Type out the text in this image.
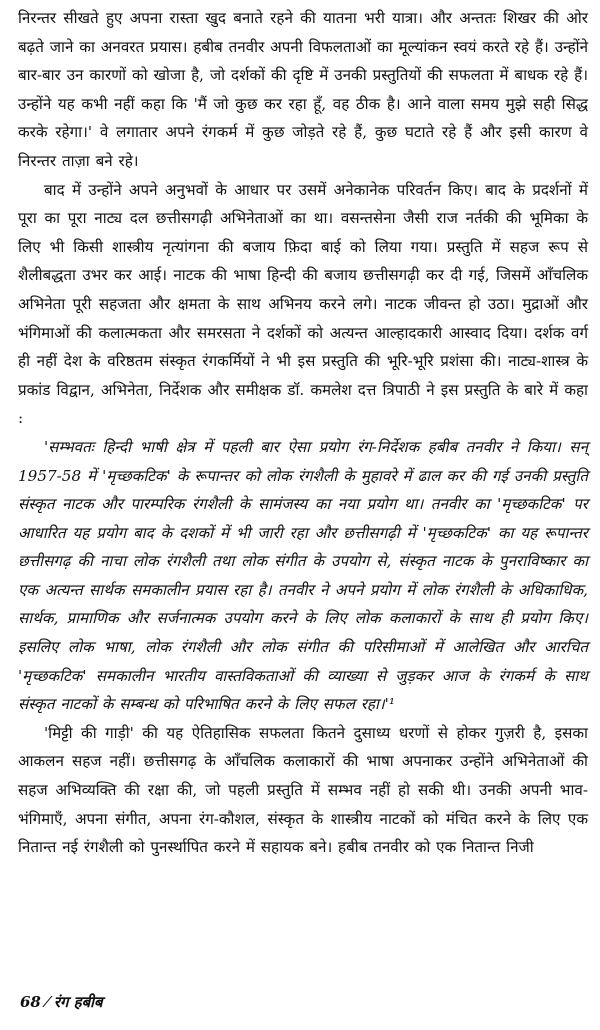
निरन्तर सीखते हुए अपना रास्ता खुद बनाते रहने की यातना भरी यात्रा। और अन्ततः शिखर की ओर बढ़ते जाने का अनवरत प्रयास। हबीब तनवीर अपनी विफलताओं का मूल्यांकन स्वयं करते रहे हैं। उन्होंने बार-बार उन कारणों को खोजा है, जो दर्शकों की दृष्टि में उनकी प्रस्तुतियों की सफलता में बाधक रहे हैं। उन्होंने यह कभी नहीं कहा कि 'मैं जो कुछ कर रहा हूँ, वह ठीक है। आने वाला समय मुझे सही सिद्ध करके रहेगा।' वे लगातार अपने रंगकर्म में कुछ जोड़ते रहे हैं, कुछ घटाते रहे हैं और इसी कारण वे निरन्तर ताज़ा बने रहे।

बाद में उन्होंने अपने अनुभवों के आधार पर उसमें अनेकानेक परिवर्तन किए। बाद के प्रदर्शनों में पूरा का पूरा नाट्य दल छत्तीसगढ़ी अभिनेताओं का था। वसन्तसेना जैसी राज नर्तकी की भूमिका के लिए भी किसी शास्त्रीय नृत्यांगना की बजाय फ़िदा बाई को लिया गया। प्रस्तुति में सहज रूप से शैलीबद्धता उभर कर आई। नाटक की भाषा हिन्दी की बजाय छत्तीसगढ़ी कर दी गई, जिसमें आँचलिक अभिनेता पूरी सहजता और क्षमता के साथ अभिनय करने लगे। नाटक जीवन्त हो उठा। मुद्राओं और भंगिमाओं की कलात्मकता और समरसता ने दर्शकों को अत्यन्त आल्हादकारी आस्वाद दिया। दर्शक वर्ग ही नहीं देश के वरिष्ठतम संस्कृत रंगकर्मियों ने भी इस प्रस्तुति की भूरि-भूरि प्रशंसा की। नाट्य-शास्त्र के प्रकांड विद्वान, अभिनेता, निर्देशक और समीक्षक डॉ. कमलेश दत्त त्रिपाठी ने इस प्रस्तुति के बारे में कहा :

'सम्भवतः हिन्दी भाषी क्षेत्र में पहली बार ऐसा प्रयोग रंग-निर्देशक हबीब तनवीर ने किया। सन् 1957-58 में 'मृच्छकटिक' के रूपान्तर को लोक रंगशैली के मुहावरे में ढाल कर की गई उनकी प्रस्तुति संस्कृत नाटक और पारम्परिक रंगशैली के सामंजस्य का नया प्रयोग था। तनवीर का 'मृच्छकटिक' पर आधारित यह प्रयोग बाद के दशकों में भी जारी रहा और छत्तीसगढ़ी में 'मृच्छकटिक' का यह रूपान्तर छत्तीसगढ़ की नाचा लोक रंगशैली तथा लोक संगीत के उपयोग से, संस्कृत नाटक के पुनराविष्कार का एक अत्यन्त सार्थक समकालीन प्रयास रहा है। तनवीर ने अपने प्रयोग में लोक रंगशैली के अधिकाधिक, सार्थक, प्रामाणिक और सर्जनात्मक उपयोग करने के लिए लोक कलाकारों के साथ ही प्रयोग किए। इसलिए लोक भाषा, लोक रंगशैली और लोक संगीत की परिसीमाओं में आलेखित और आरचित 'मृच्छकटिक' समकालीन भारतीय वास्तविकताओं की व्याख्या से जुड़कर आज के रंगकर्म के साथ संस्कृत नाटकों के सम्बन्ध को परिभाषित करने के लिए सफल रहा।'¹

'मिट्टी की गाड़ी' की यह ऐतिहासिक सफलता कितने दुसाध्य धरणों से होकर गुज़री है, इसका आकलन सहज नहीं। छत्तीसगढ़ के आँचलिक कलाकारों की भाषा अपनाकर उन्होंने अभिनेताओं की सहज अभिव्यक्ति की रक्षा की, जो पहली प्रस्तुति में सम्भव नहीं हो सकी थी। उनकी अपनी भाव-भंगिमाएँ, अपना संगीत, अपना रंग-कौशल, संस्कृत के शास्त्रीय नाटकों को मंचित करने के लिए एक नितान्त नई रंगशैली को पुनर्स्थापित करने में सहायक बने। हबीब तनवीर को एक नितान्त निजी

68 ⁄ रंग हबीब
